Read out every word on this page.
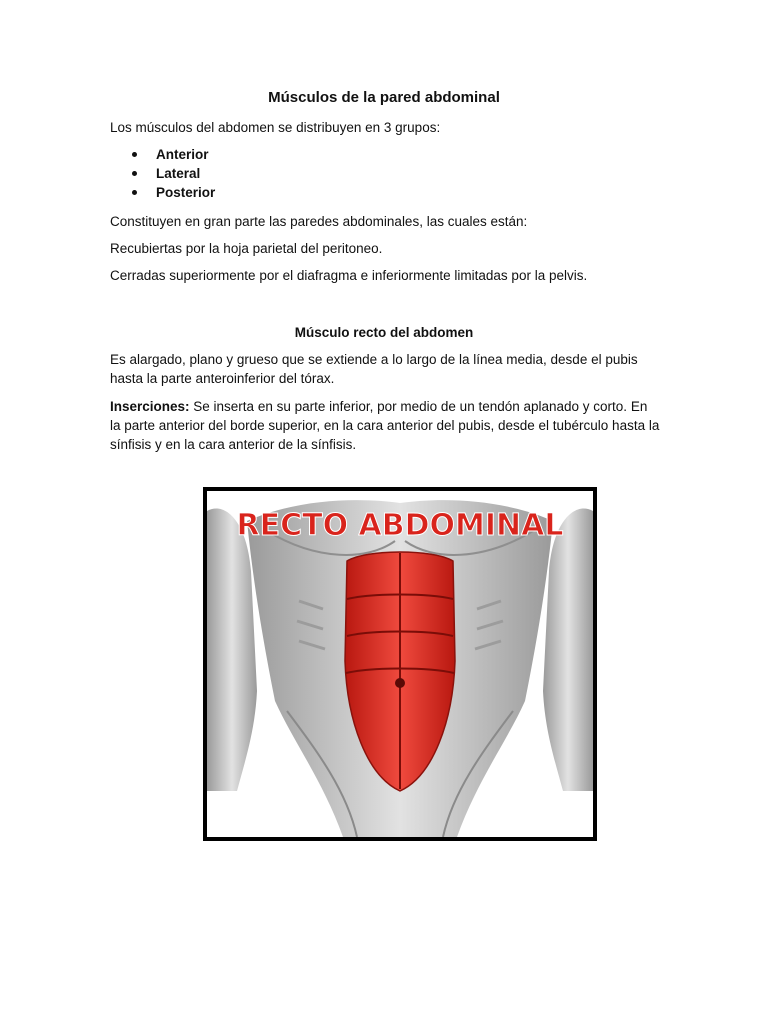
Músculos de la pared abdominal

Los músculos del abdomen se distribuyen en 3 grupos:

Anterior
Lateral
Posterior

Constituyen en gran parte las paredes abdominales, las cuales están:

Recubiertas por la hoja parietal del peritoneo.

Cerradas superiormente por el diafragma e inferiormente limitadas por la pelvis.

Músculo recto del abdomen

Es alargado, plano y grueso que se extiende a lo largo de la línea media, desde el pubis hasta la parte anteroinferior del tórax.

Inserciones: Se inserta en su parte inferior, por medio de un tendón aplanado y corto. En la parte anterior del borde superior, en la cara anterior del pubis, desde el tubérculo hasta la sínfisis y en la cara anterior de la sínfisis.

RECTO ABDOMINAL
